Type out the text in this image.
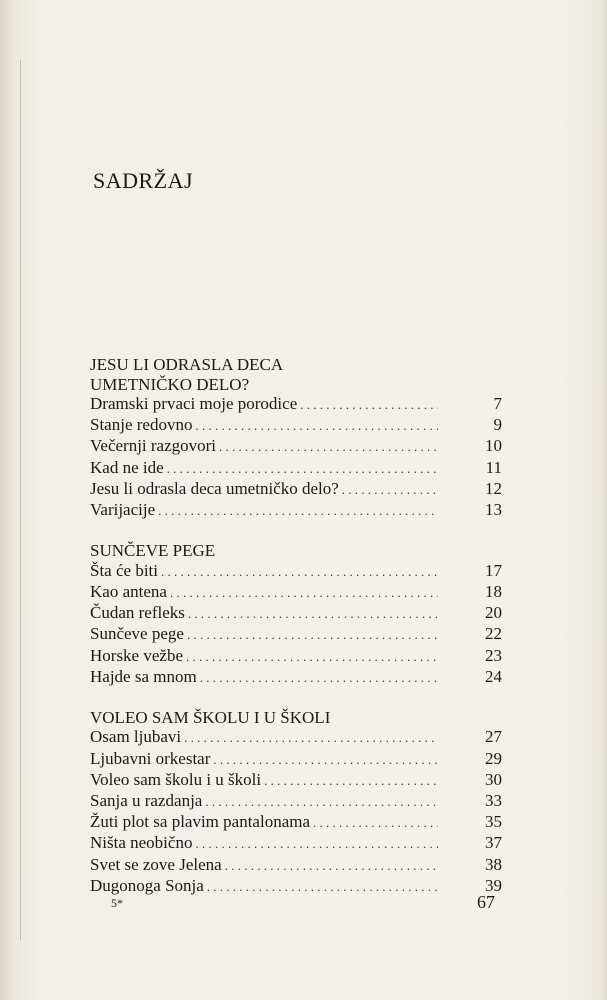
SADRŽAJ
JESU LI ODRASLA DECA UMETNIČKO DELO?
Dramski prvaci moje porodice . . .	7
Stanje redovno . . .	9
Večernji razgovori . . .	10
Kad ne ide . . .	11
Jesu li odrasla deca umetničko delo? . . .	12
Varijacije . . .	13
SUNČEVE PEGE
Šta će biti . . .	17
Kao antena . . .	18
Čudan refleks . . .	20
Sunčeve pege . . .	22
Horske vežbe . . .	23
Hajde sa mnom . . .	24
VOLEO SAM ŠKOLU I U ŠKOLI
Osam ljubavi . . .	27
Ljubavni orkestar . . .	29
Voleo sam školu i u školi . . .	30
Sanja u razdanja . . .	33
Žuti plot sa plavim pantalonama . . .	35
Ništa neobično . . .	37
Svet se zove Jelena . . .	38
Dugonoga Sonja . . .	39
5*	67
